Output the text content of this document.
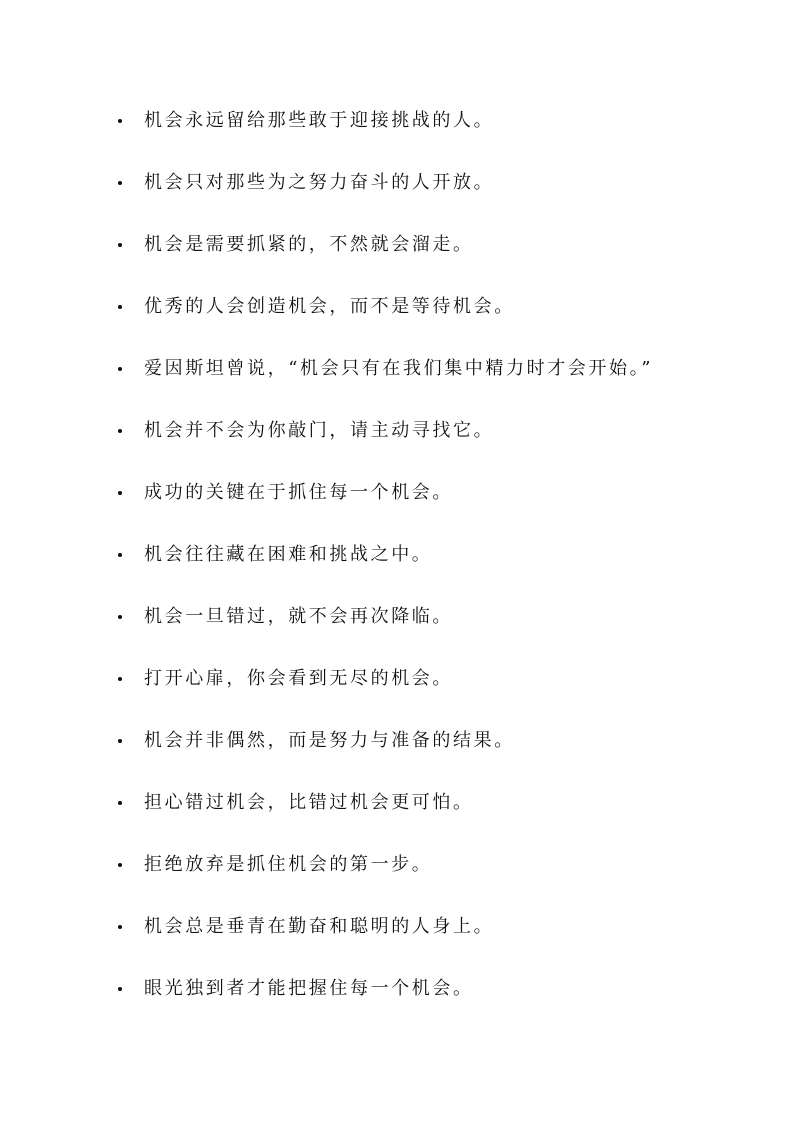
机会永远留给那些敢于迎接挑战的人。
机会只对那些为之努力奋斗的人开放。
机会是需要抓紧的，不然就会溜走。
优秀的人会创造机会，而不是等待机会。
爱因斯坦曾说，“机会只有在我们集中精力时才会开始。”
机会并不会为你敲门，请主动寻找它。
成功的关键在于抓住每一个机会。
机会往往藏在困难和挑战之中。
机会一旦错过，就不会再次降临。
打开心扉，你会看到无尽的机会。
机会并非偶然，而是努力与准备的结果。
担心错过机会，比错过机会更可怕。
拒绝放弃是抓住机会的第一步。
机会总是垂青在勤奋和聪明的人身上。
眼光独到者才能把握住每一个机会。
